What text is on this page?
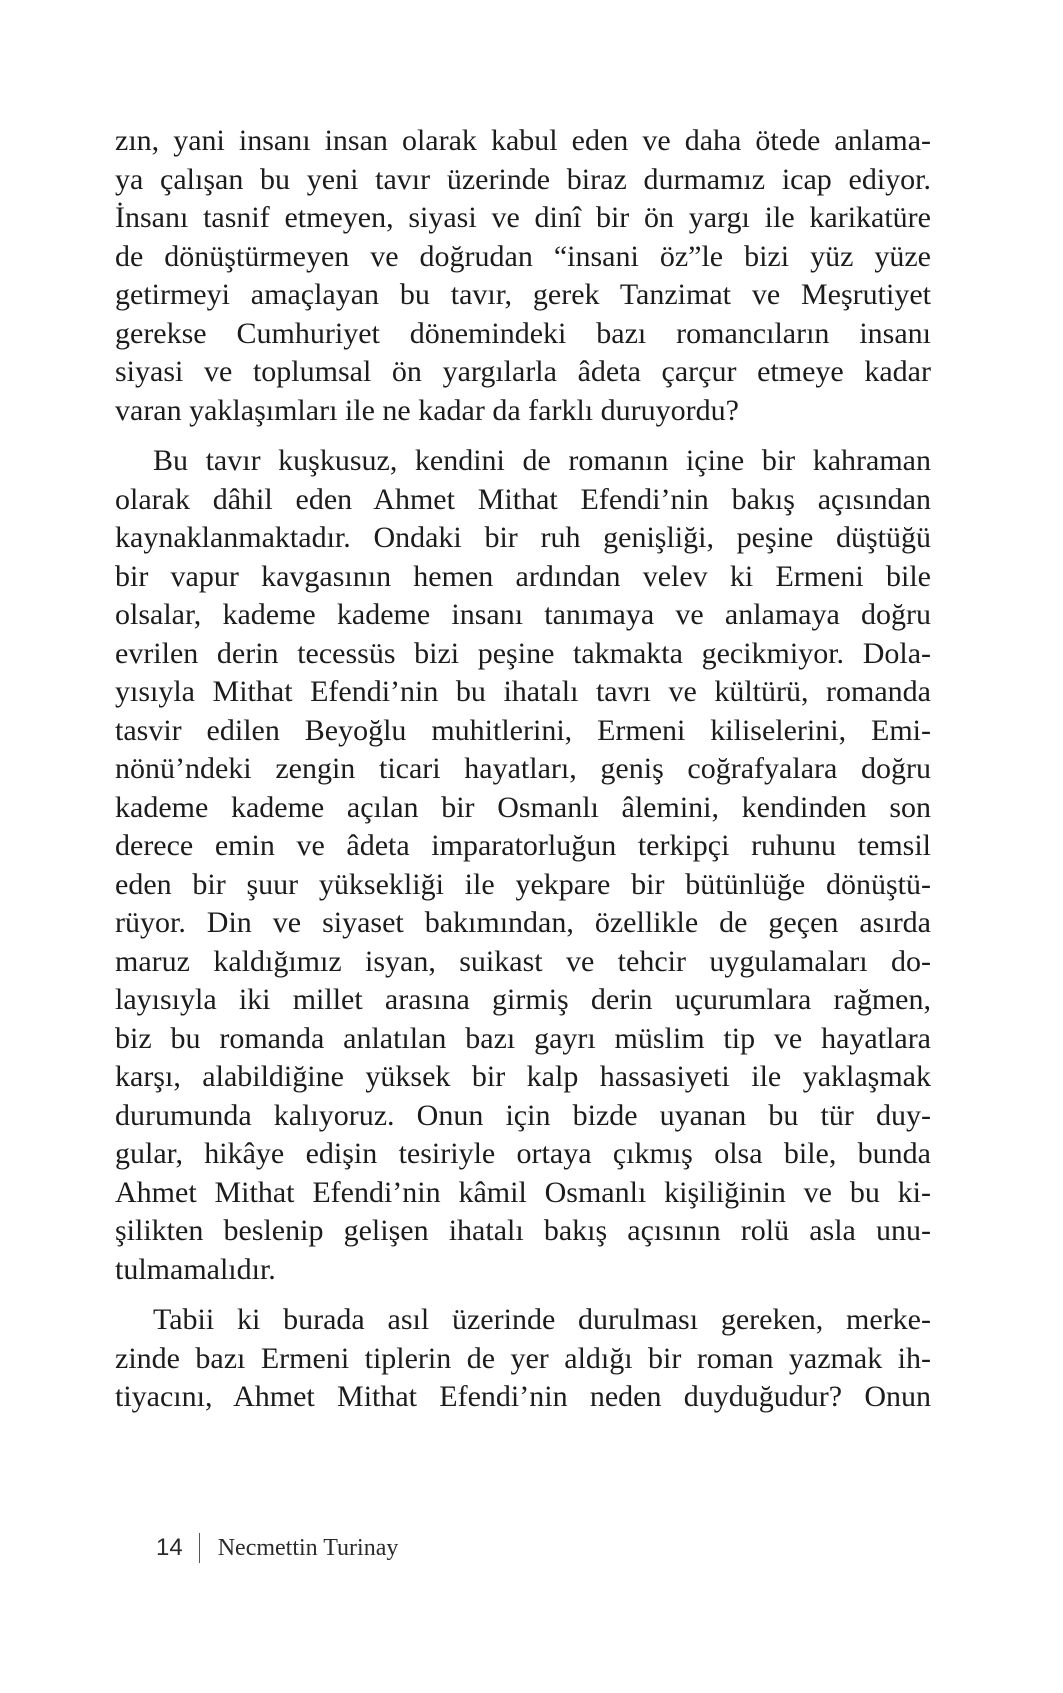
zın, yani insanı insan olarak kabul eden ve daha ötede anlama-
ya çalışan bu yeni tavır üzerinde biraz durmamız icap ediyor.
İnsanı tasnif etmeyen, siyasi ve dinî bir ön yargı ile karikatüre
de dönüştürmeyen ve doğrudan “insani öz”le bizi yüz yüze
getirmeyi amaçlayan bu tavır, gerek Tanzimat ve Meşrutiyet
gerekse Cumhuriyet dönemindeki bazı romancıların insanı
siyasi ve toplumsal ön yargılarla âdeta çarçur etmeye kadar
varan yaklaşımları ile ne kadar da farklı duruyordu?

Bu tavır kuşkusuz, kendini de romanın içine bir kahraman
olarak dâhil eden Ahmet Mithat Efendi’nin bakış açısından
kaynaklanmaktadır. Ondaki bir ruh genişliği, peşine düştüğü
bir vapur kavgasının hemen ardından velev ki Ermeni bile
olsalar, kademe kademe insanı tanımaya ve anlamaya doğru
evrilen derin tecessüs bizi peşine takmakta gecikmiyor. Dola-
yısıyla Mithat Efendi’nin bu ihatalı tavrı ve kültürü, romanda
tasvir edilen Beyoğlu muhitlerini, Ermeni kiliselerini, Emi-
nönü’ndeki zengin ticari hayatları, geniş coğrafyalara doğru
kademe kademe açılan bir Osmanlı âlemini, kendinden son
derece emin ve âdeta imparatorluğun terkipçi ruhunu temsil
eden bir şuur yüksekliği ile yekpare bir bütünlüğe dönüştü-
rüyor. Din ve siyaset bakımından, özellikle de geçen asırda
maruz kaldığımız isyan, suikast ve tehcir uygulamaları do-
layısıyla iki millet arasına girmiş derin uçurumlara rağmen,
biz bu romanda anlatılan bazı gayrı müslim tip ve hayatlara
karşı, alabildiğine yüksek bir kalp hassasiyeti ile yaklaşmak
durumunda kalıyoruz. Onun için bizde uyanan bu tür duy-
gular, hikâye edişin tesiriyle ortaya çıkmış olsa bile, bunda
Ahmet Mithat Efendi’nin kâmil Osmanlı kişiliğinin ve bu ki-
şilikten beslenip gelişen ihatalı bakış açısının rolü asla unu-
tulmamalıdır.

Tabii ki burada asıl üzerinde durulması gereken, merke-
zinde bazı Ermeni tiplerin de yer aldığı bir roman yazmak ih-
tiyacını, Ahmet Mithat Efendi’nin neden duyduğudur? Onun

14 Necmettin Turinay
